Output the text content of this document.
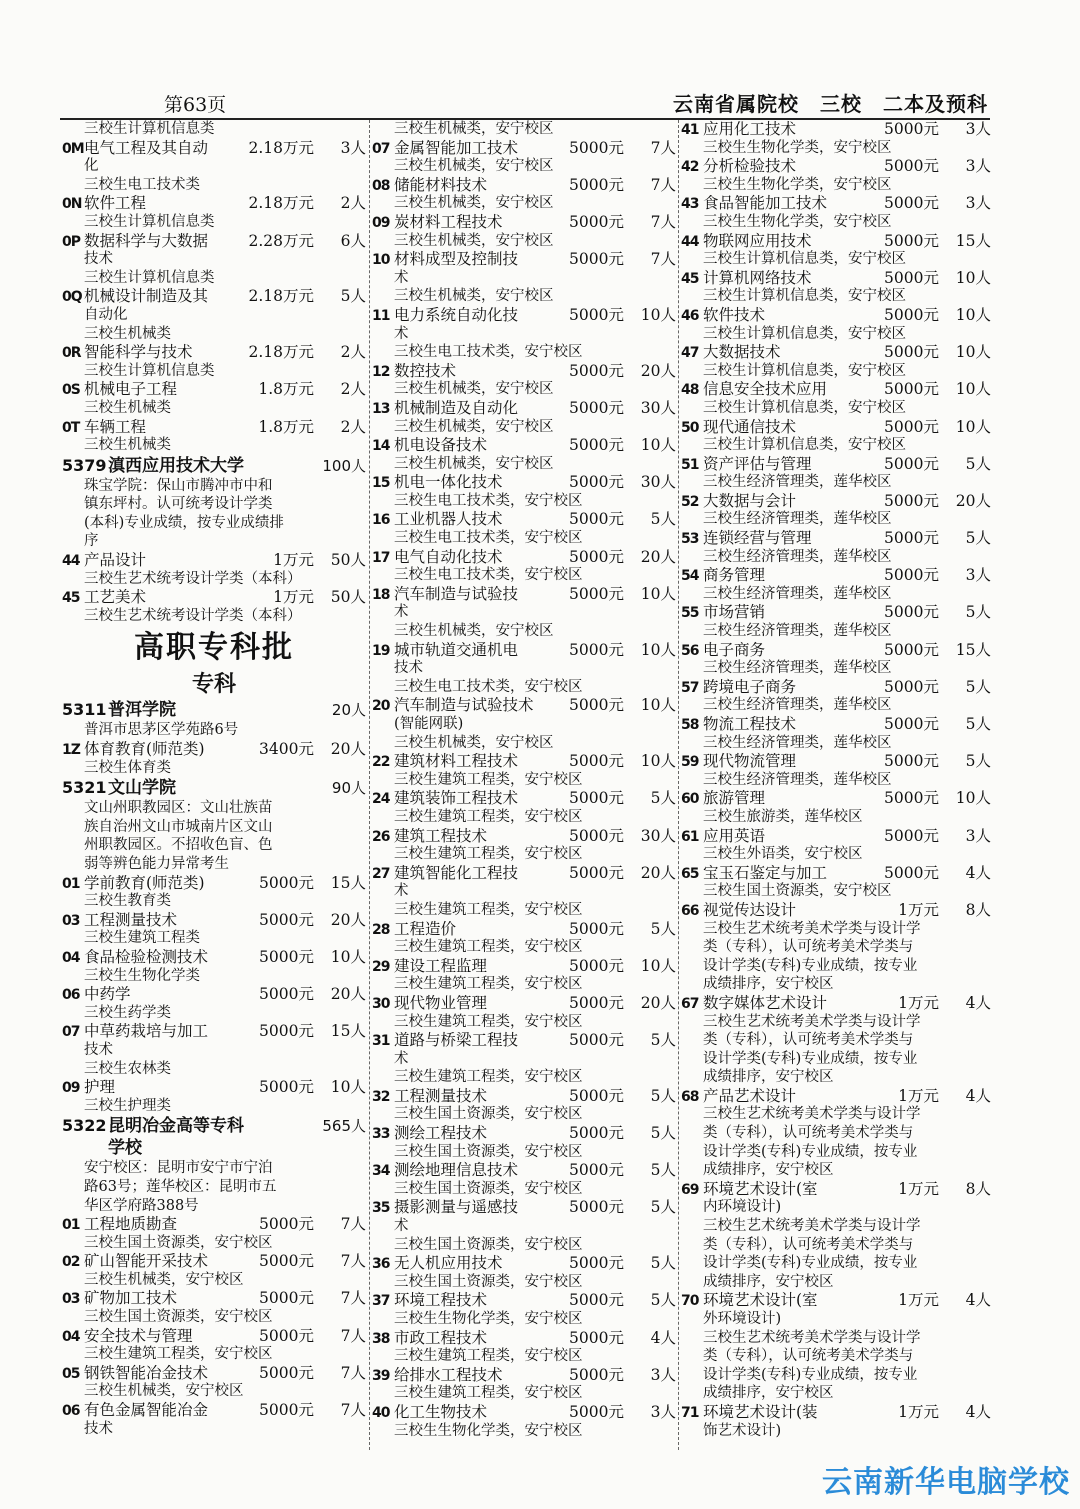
第63页	云南省属院校　三校　二本及预科
三校生计算机信息类
0M电气工程及其自动	2.18万元 3人
化
三校生电工技术类
0N 软件工程	2.18万元 2人
三校生计算机信息类
0P 数据科学与大数据	2.28万元 6人
技术
三校生计算机信息类
0Q 机械设计制造及其	2.18万元 5人
自动化
三校生机械类
0R 智能科学与技术	2.18万元 2人
三校生计算机信息类
0S 机械电子工程	1.8万元 2人
三校生机械类
0T 车辆工程	1.8万元 2人
三校生机械类
5379滇西应用技术大学	100人
珠宝学院：保山市腾冲市中和
镇东坪村。认可统考设计学类
(本科)专业成绩，按专业成绩排
序
44 产品设计	1万元 50人
三校生艺术统考设计学类（本科）
45 工艺美术	1万元 50人
三校生艺术统考设计学类（本科）
高职专科批
专科
5311普洱学院	20人
普洱市思茅区学苑路6号
1Z 体育教育(师范类)	3400元 20人
三校生体育类
5321文山学院	90人
文山州职教园区：文山壮族苗
族自治州文山市城南片区文山
州职教园区。不招收色盲、色
弱等辨色能力异常考生
01 学前教育(师范类)	5000元 15人
三校生教育类
03 工程测量技术	5000元 20人
三校生建筑工程类
04 食品检验检测技术	5000元 10人
三校生生物化学类
06 中药学	5000元 20人
三校生药学类
07 中草药栽培与加工	5000元 15人
技术
三校生农林类
09 护理	5000元 10人
三校生护理类
5322昆明冶金高等专科	565人
学校
安宁校区：昆明市安宁市宁泊
路63号；莲华校区：昆明市五
华区学府路388号
01 工程地质勘查	5000元 7人
三校生国土资源类，安宁校区
02 矿山智能开采技术	5000元 7人
三校生机械类，安宁校区
03 矿物加工技术	5000元 7人
三校生国土资源类，安宁校区
04 安全技术与管理	5000元 7人
三校生建筑工程类，安宁校区
05 钢铁智能冶金技术	5000元 7人
三校生机械类，安宁校区
06 有色金属智能冶金	5000元 7人
技术
三校生机械类，安宁校区
07 金属智能加工技术	5000元 7人
三校生机械类，安宁校区
08 储能材料技术	5000元 7人
三校生机械类，安宁校区
09 炭材料工程技术	5000元 7人
三校生机械类，安宁校区
10 材料成型及控制技	5000元 7人
术
三校生机械类，安宁校区
11 电力系统自动化技	5000元 10人
术
三校生电工技术类，安宁校区
12 数控技术	5000元 20人
三校生机械类，安宁校区
13 机械制造及自动化	5000元 30人
三校生机械类，安宁校区
14 机电设备技术	5000元 10人
三校生机械类，安宁校区
15 机电一体化技术	5000元 30人
三校生电工技术类，安宁校区
16 工业机器人技术	5000元 5人
三校生电工技术类，安宁校区
17 电气自动化技术	5000元 20人
三校生电工技术类，安宁校区
18 汽车制造与试验技	5000元 10人
术
三校生机械类，安宁校区
19 城市轨道交通机电	5000元 10人
技术
三校生电工技术类，安宁校区
20 汽车制造与试验技术 5000元 10人
(智能网联)
三校生机械类，安宁校区
22 建筑材料工程技术	5000元 10人
三校生建筑工程类，安宁校区
24 建筑装饰工程技术	5000元 5人
三校生建筑工程类，安宁校区
26 建筑工程技术	5000元 30人
三校生建筑工程类，安宁校区
27 建筑智能化工程技	5000元 20人
术
三校生建筑工程类，安宁校区
28 工程造价	5000元 5人
三校生建筑工程类，安宁校区
29 建设工程监理	5000元 10人
三校生建筑工程类，安宁校区
30 现代物业管理	5000元 20人
三校生建筑工程类，安宁校区
31 道路与桥梁工程技	5000元 5人
术
三校生建筑工程类，安宁校区
32 工程测量技术	5000元 5人
三校生国土资源类，安宁校区
33 测绘工程技术	5000元 5人
三校生国土资源类，安宁校区
34 测绘地理信息技术	5000元 5人
三校生国土资源类，安宁校区
35 摄影测量与遥感技	5000元 5人
术
三校生国土资源类，安宁校区
36 无人机应用技术	5000元 5人
三校生国土资源类，安宁校区
37 环境工程技术	5000元 5人
三校生生物化学类，安宁校区
38 市政工程技术	5000元 4人
三校生建筑工程类，安宁校区
39 给排水工程技术	5000元 3人
三校生建筑工程类，安宁校区
40 化工生物技术	5000元 3人
三校生生物化学类，安宁校区
41 应用化工技术	5000元 3人
三校生生物化学类，安宁校区
42 分析检验技术	5000元 3人
三校生生物化学类，安宁校区
43 食品智能加工技术	5000元 3人
三校生生物化学类，安宁校区
44 物联网应用技术	5000元 15人
三校生计算机信息类，安宁校区
45 计算机网络技术	5000元 10人
三校生计算机信息类，安宁校区
46 软件技术	5000元 10人
三校生计算机信息类，安宁校区
47 大数据技术	5000元 10人
三校生计算机信息类，安宁校区
48 信息安全技术应用	5000元 10人
三校生计算机信息类，安宁校区
50 现代通信技术	5000元 10人
三校生计算机信息类，安宁校区
51 资产评估与管理	5000元 5人
三校生经济管理类，莲华校区
52 大数据与会计	5000元 20人
三校生经济管理类，莲华校区
53 连锁经营与管理	5000元 5人
三校生经济管理类，莲华校区
54 商务管理	5000元 3人
三校生经济管理类，莲华校区
55 市场营销	5000元 5人
三校生经济管理类，莲华校区
56 电子商务	5000元 15人
三校生经济管理类，莲华校区
57 跨境电子商务	5000元 5人
三校生经济管理类，莲华校区
58 物流工程技术	5000元 5人
三校生经济管理类，莲华校区
59 现代物流管理	5000元 5人
三校生经济管理类，莲华校区
60 旅游管理	5000元 10人
三校生旅游类，莲华校区
61 应用英语	5000元 3人
三校生外语类，安宁校区
65 宝玉石鉴定与加工	5000元 4人
三校生国土资源类，安宁校区
66 视觉传达设计	1万元 8人
三校生艺术统考美术学类与设计学
类（专科），认可统考美术学类与
设计学类(专科)专业成绩，按专业
成绩排序，安宁校区
67 数字媒体艺术设计	1万元 4人
三校生艺术统考美术学类与设计学
类（专科），认可统考美术学类与
设计学类(专科)专业成绩，按专业
成绩排序，安宁校区
68 产品艺术设计	1万元 4人
三校生艺术统考美术学类与设计学
类（专科），认可统考美术学类与
设计学类(专科)专业成绩，按专业
成绩排序，安宁校区
69 环境艺术设计(室	1万元 8人
内环境设计)
三校生艺术统考美术学类与设计学
类（专科），认可统考美术学类与
设计学类(专科)专业成绩，按专业
成绩排序，安宁校区
70 环境艺术设计(室	1万元 4人
外环境设计)
三校生艺术统考美术学类与设计学
类（专科），认可统考美术学类与
设计学类(专科)专业成绩，按专业
成绩排序，安宁校区
71 环境艺术设计(装	1万元 4人
饰艺术设计)
云南新华电脑学校
